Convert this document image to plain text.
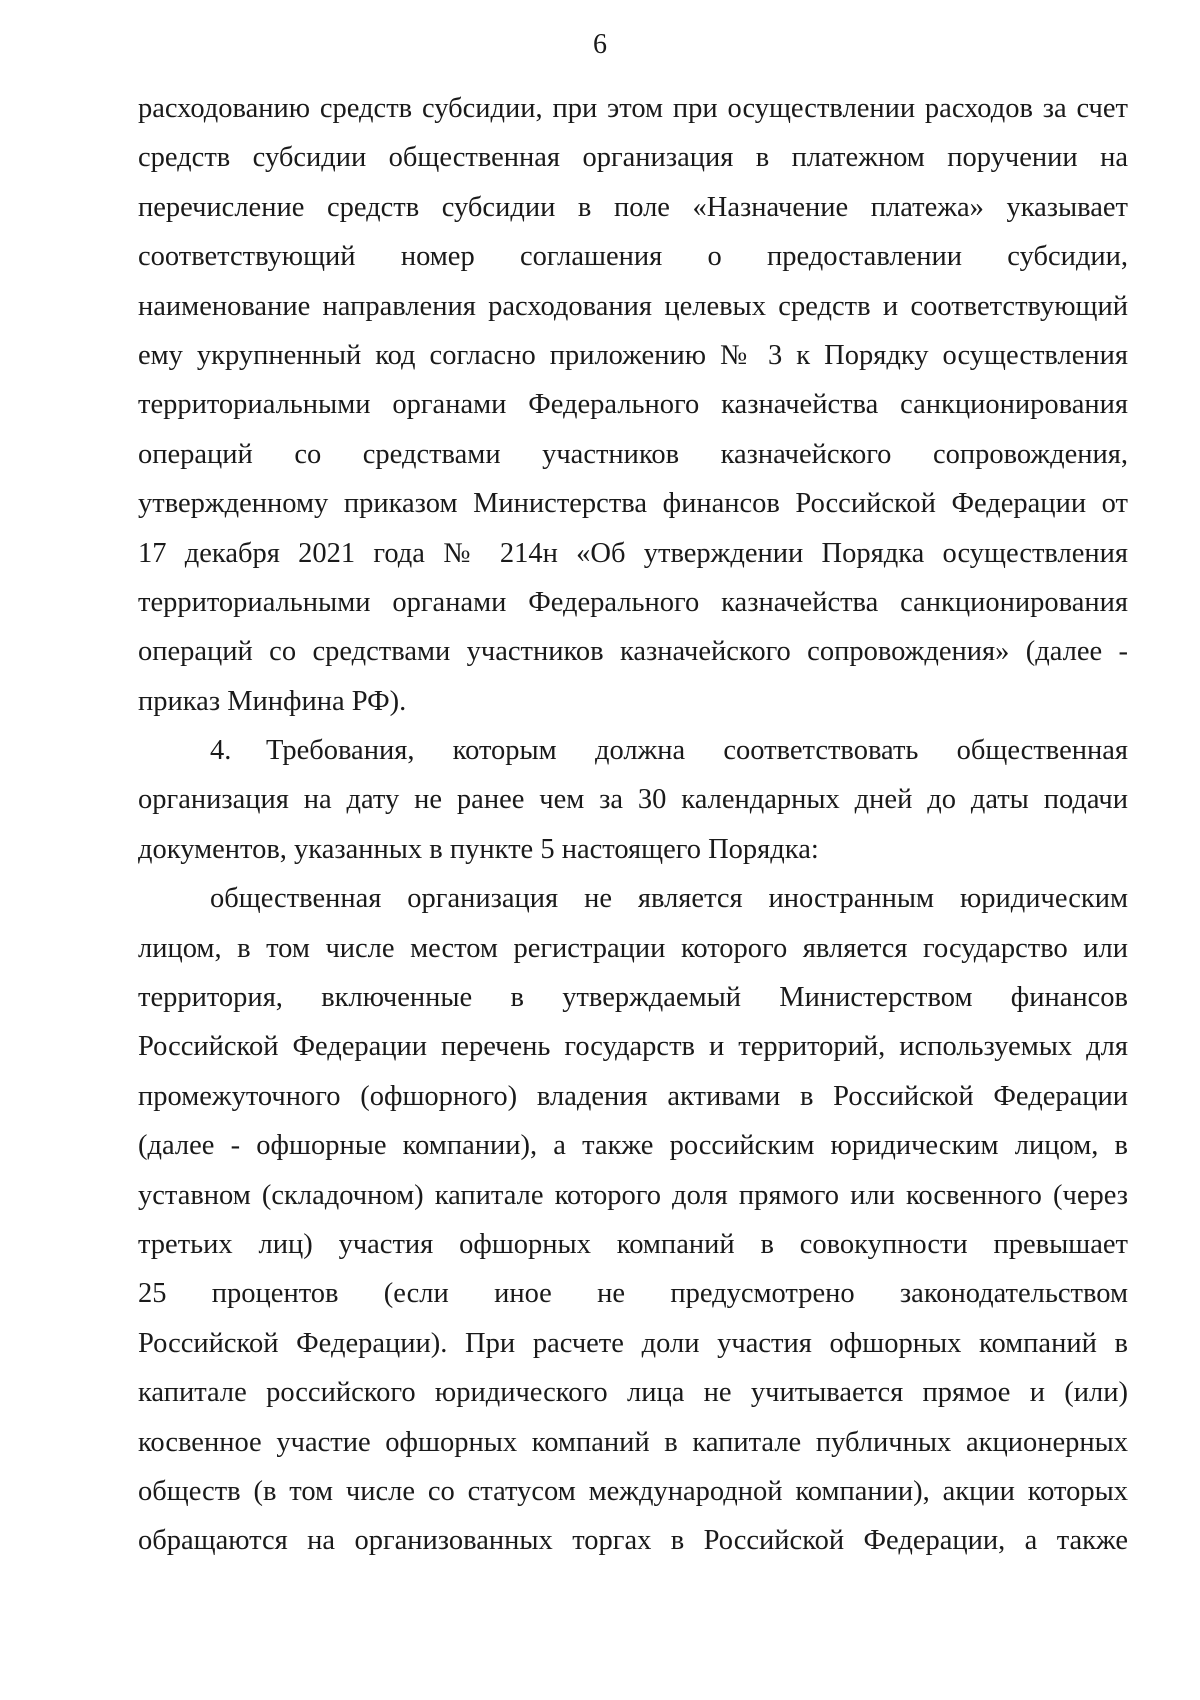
6
расходованию средств субсидии, при этом при осуществлении расходов за счет
средств субсидии общественная организация в платежном поручении на
перечисление средств субсидии в поле «Назначение платежа» указывает
соответствующий номер соглашения о предоставлении субсидии,
наименование направления расходования целевых средств и соответствующий
ему укрупненный код согласно приложению № 3 к Порядку осуществления
территориальными органами Федерального казначейства санкционирования
операций со средствами участников казначейского сопровождения,
утвержденному приказом Министерства финансов Российской Федерации от
17 декабря 2021 года № 214н «Об утверждении Порядка осуществления
территориальными органами Федерального казначейства санкционирования
операций со средствами участников казначейского сопровождения» (далее -
приказ Минфина РФ).
4. Требования, которым должна соответствовать общественная
организация на дату не ранее чем за 30 календарных дней до даты подачи
документов, указанных в пункте 5 настоящего Порядка:
общественная организация не является иностранным юридическим
лицом, в том числе местом регистрации которого является государство или
территория, включенные в утверждаемый Министерством финансов
Российской Федерации перечень государств и территорий, используемых для
промежуточного (офшорного) владения активами в Российской Федерации
(далее - офшорные компании), а также российским юридическим лицом, в
уставном (складочном) капитале которого доля прямого или косвенного (через
третьих лиц) участия офшорных компаний в совокупности превышает
25 процентов (если иное не предусмотрено законодательством
Российской Федерации). При расчете доли участия офшорных компаний в
капитале российского юридического лица не учитывается прямое и (или)
косвенное участие офшорных компаний в капитале публичных акционерных
обществ (в том числе со статусом международной компании), акции которых
обращаются на организованных торгах в Российской Федерации, а также
